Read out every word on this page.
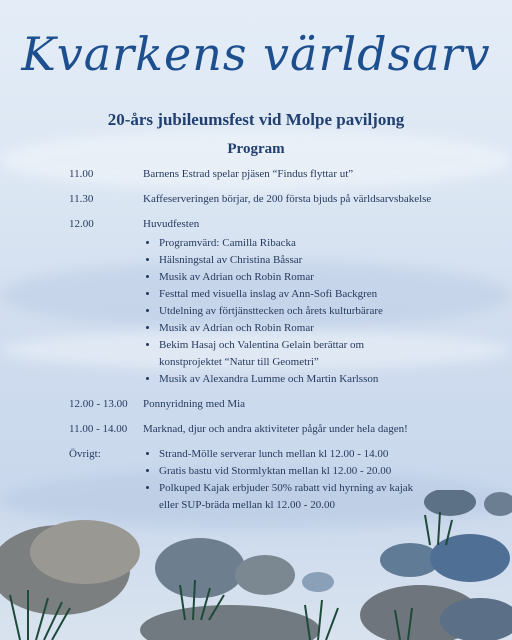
Kvarkens världsarv
20-års jubileumsfest vid Molpe paviljong
Program
11.00	Barnens Estrad spelar pjäsen “Findus flyttar ut”
11.30	Kaffeserveringen börjar, de 200 första bjuds på världsarvsbakelse
12.00	Huvudfesten
• Programvärd: Camilla Ribacka
• Hälsningstal av Christina Båssar
• Musik av Adrian och Robin Romar
• Festtal med visuella inslag av Ann-Sofi Backgren
• Utdelning av förtjänsttecken och årets kulturbärare
• Musik av Adrian och Robin Romar
• Bekim Hasaj och Valentina Gelain berättar om
konstprojektet “Natur till Geometri”
• Musik av Alexandra Lumme och Martin Karlsson
12.00 - 13.00	Ponnyridning med Mia
11.00 - 14.00	Marknad, djur och andra aktiviteter pågår under hela dagen!
Övrigt:
•	Strand-Mölle serverar lunch mellan kl 12.00 - 14.00
• Gratis bastu vid Stormlyktan mellan kl 12.00 - 20.00
• Polkuped Kajak erbjuder 50% rabatt vid hyrning av kajak
eller SUP-bräda mellan kl 12.00 - 20.00
